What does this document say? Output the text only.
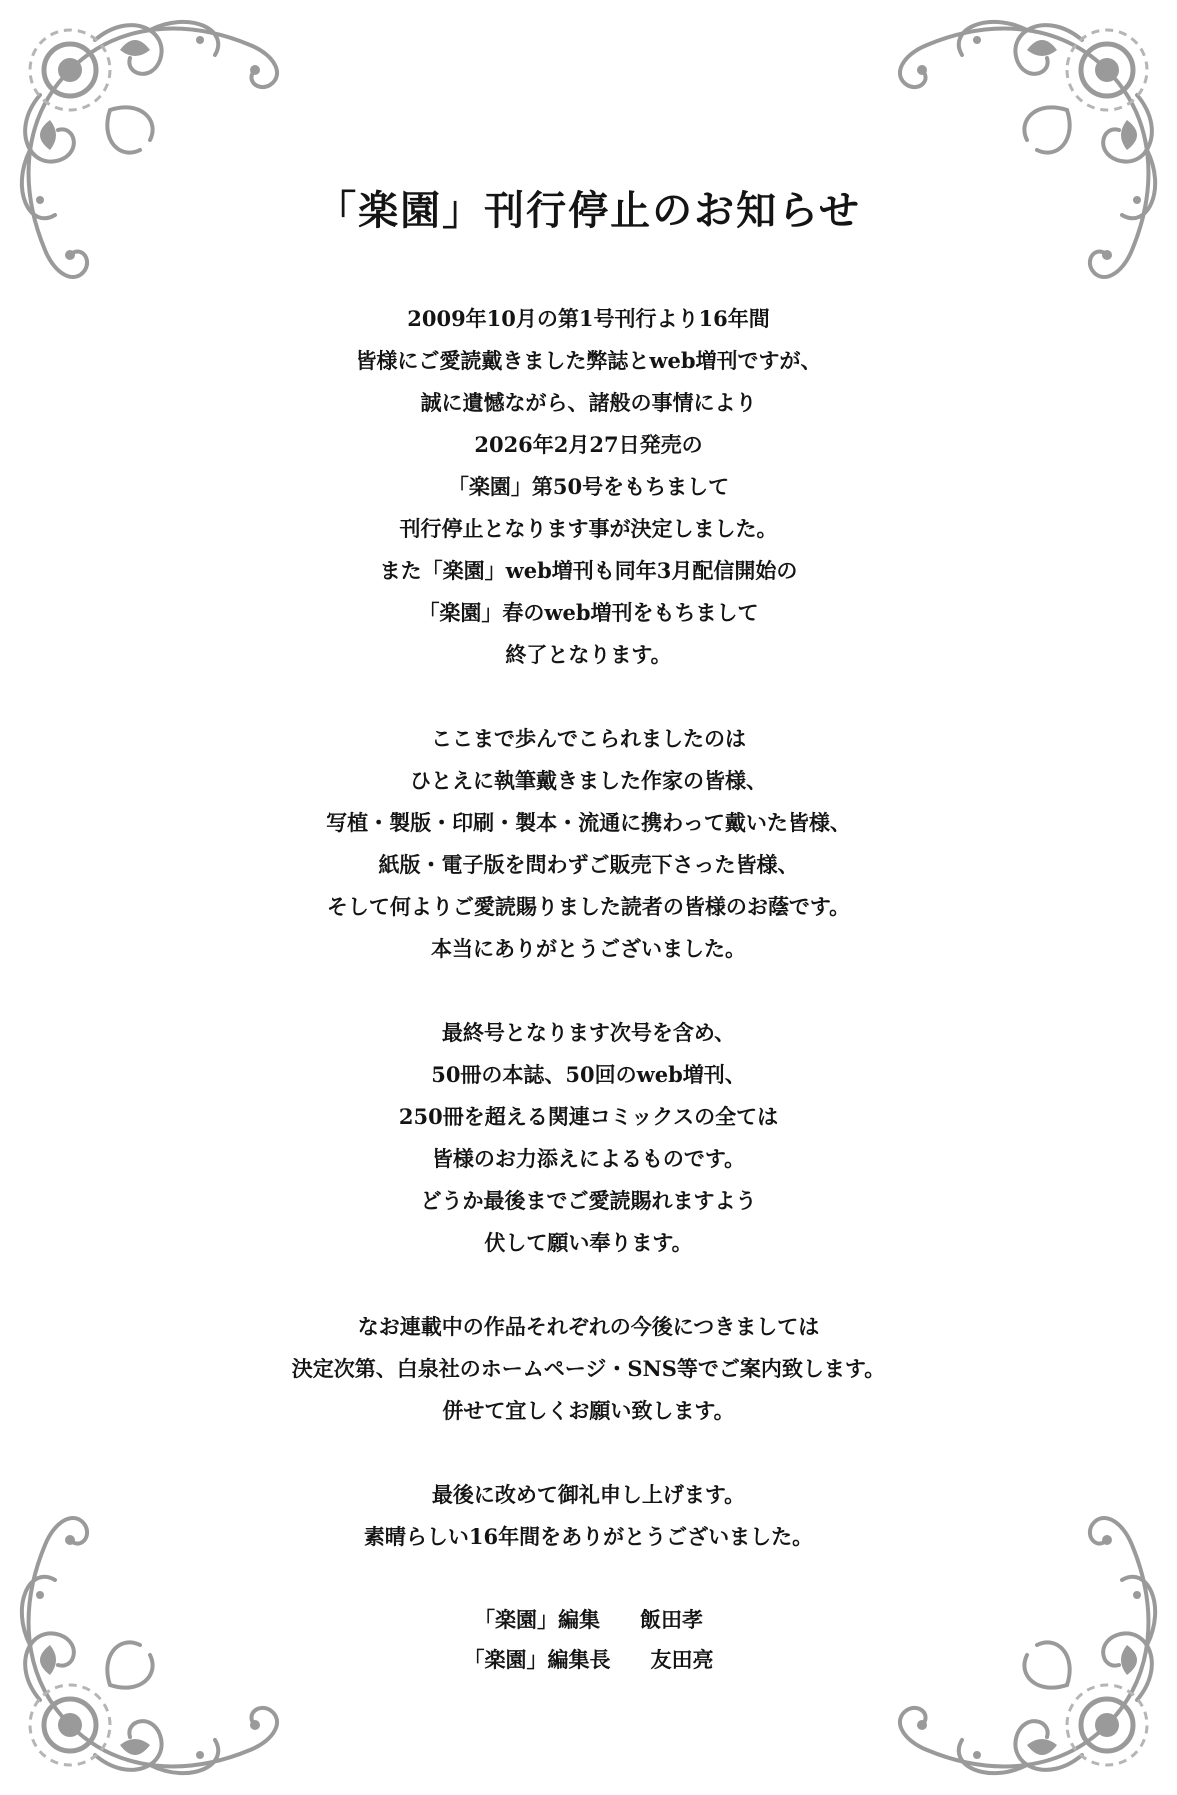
「楽園」刊行停止のお知らせ

2009年10月の第1号刊行より16年間
皆様にご愛読戴きました弊誌とweb増刊ですが、
誠に遺憾ながら、諸般の事情により
2026年2月27日発売の
「楽園」第50号をもちまして
刊行停止となります事が決定しました。
また「楽園」web増刊も同年3月配信開始の
「楽園」春のweb増刊をもちまして
終了となります。

ここまで歩んでこられましたのは
ひとえに執筆戴きました作家の皆様、
写植・製版・印刷・製本・流通に携わって戴いた皆様、
紙版・電子版を問わずご販売下さった皆様、
そして何よりご愛読賜りました読者の皆様のお蔭です。
本当にありがとうございました。

最終号となります次号を含め、
50冊の本誌、50回のweb増刊、
250冊を超える関連コミックスの全ては
皆様のお力添えによるものです。
どうか最後までご愛読賜れますよう
伏して願い奉ります。

なお連載中の作品それぞれの今後につきましては
決定次第、白泉社のホームページ・SNS等でご案内致します。
併せて宜しくお願い致します。

最後に改めて御礼申し上げます。
素晴らしい16年間をありがとうございました。

「楽園」編集 飯田孝
「楽園」編集長 友田亮
